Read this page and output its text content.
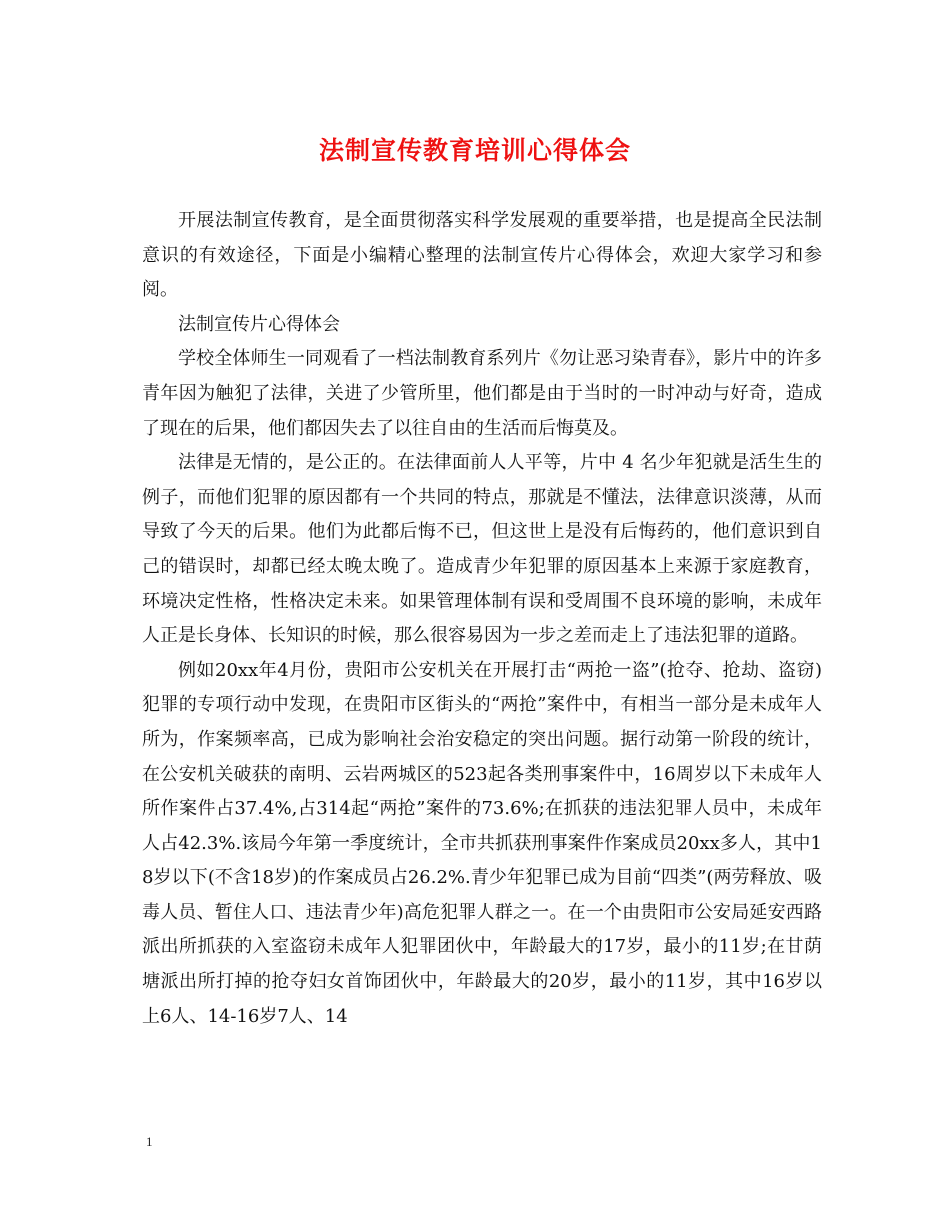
法制宣传教育培训心得体会

开展法制宣传教育，是全面贯彻落实科学发展观的重要举措，也是提高全民法制意识的有效途径，下面是小编精心整理的法制宣传片心得体会，欢迎大家学习和参阅。

法制宣传片心得体会

学校全体师生一同观看了一档法制教育系列片《勿让恶习染青春》，影片中的许多青年因为触犯了法律，关进了少管所里，他们都是由于当时的一时冲动与好奇，造成了现在的后果，他们都因失去了以往自由的生活而后悔莫及。

法律是无情的，是公正的。在法律面前人人平等，片中 4 名少年犯就是活生生的例子，而他们犯罪的原因都有一个共同的特点，那就是不懂法，法律意识淡薄，从而导致了今天的后果。他们为此都后悔不已，但这世上是没有后悔药的，他们意识到自己的错误时，却都已经太晚太晚了。造成青少年犯罪的原因基本上来源于家庭教育，环境决定性格，性格决定未来。如果管理体制有误和受周围不良环境的影响，未成年人正是长身体、长知识的时候，那么很容易因为一步之差而走上了违法犯罪的道路。

例如20xx年4月份，贵阳市公安机关在开展打击“两抢一盗”(抢夺、抢劫、盗窃)犯罪的专项行动中发现，在贵阳市区街头的“两抢”案件中，有相当一部分是未成年人所为，作案频率高，已成为影响社会治安稳定的突出问题。据行动第一阶段的统计，在公安机关破获的南明、云岩两城区的523起各类刑事案件中，16周岁以下未成年人所作案件占37.4%,占314起“两抢”案件的73.6%;在抓获的违法犯罪人员中，未成年人占42.3%.该局今年第一季度统计，全市共抓获刑事案件作案成员20xx多人，其中18岁以下(不含18岁)的作案成员占26.2%.青少年犯罪已成为目前“四类”(两劳释放、吸毒人员、暂住人口、违法青少年)高危犯罪人群之一。在一个由贵阳市公安局延安西路派出所抓获的入室盗窃未成年人犯罪团伙中，年龄最大的17岁，最小的11岁;在甘荫塘派出所打掉的抢夺妇女首饰团伙中，年龄最大的20岁，最小的11岁，其中16岁以上6人、14-16岁7人、14

1
